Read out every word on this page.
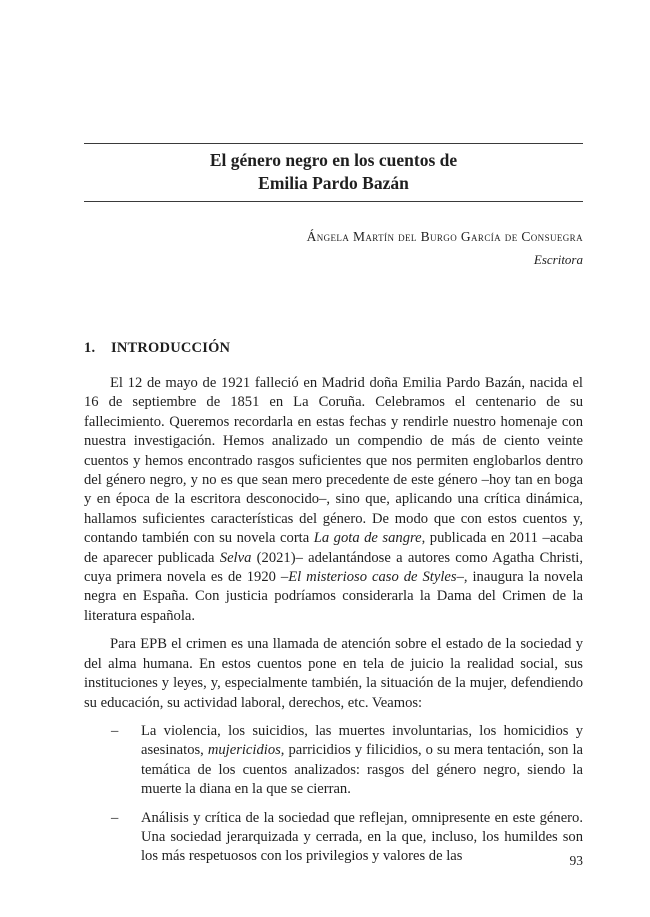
El género negro en los cuentos de
Emilia Pardo Bazán
Ángela Martín del Burgo García de Consuegra
Escritora
1. INTRODUCCIÓN

El 12 de mayo de 1921 falleció en Madrid doña Emilia Pardo Bazán, nacida el 16 de septiembre de 1851 en La Coruña. Celebramos el centenario de su fallecimiento. Queremos recordarla en estas fechas y rendirle nuestro homenaje con nuestra investigación. Hemos analizado un compendio de más de ciento veinte cuentos y hemos encontrado rasgos suficientes que nos permiten englobarlos dentro del género negro, y no es que sean mero precedente de este género –hoy tan en boga y en época de la escritora desconocido–, sino que, aplicando una crítica dinámica, hallamos suficientes características del género. De modo que con estos cuentos y, contando también con su novela corta La gota de sangre, publicada en 2011 –acaba de aparecer publicada Selva (2021)– adelantándose a autores como Agatha Christi, cuya primera novela es de 1920 –El misterioso caso de Styles–, inaugura la novela negra en España. Con justicia podríamos considerarla la Dama del Crimen de la literatura española.

Para EPB el crimen es una llamada de atención sobre el estado de la sociedad y del alma humana. En estos cuentos pone en tela de juicio la realidad social, sus instituciones y leyes, y, especialmente también, la situación de la mujer, defendiendo su educación, su actividad laboral, derechos, etc. Veamos:

– La violencia, los suicidios, las muertes involuntarias, los homicidios y asesinatos, mujericidios, parricidios y filicidios, o su mera tentación, son la temática de los cuentos analizados: rasgos del género negro, siendo la muerte la diana en la que se cierran.
– Análisis y crítica de la sociedad que reflejan, omnipresente en este género. Una sociedad jerarquizada y cerrada, en la que, incluso, los humildes son los más respetuosos con los privilegios y valores de las	93
